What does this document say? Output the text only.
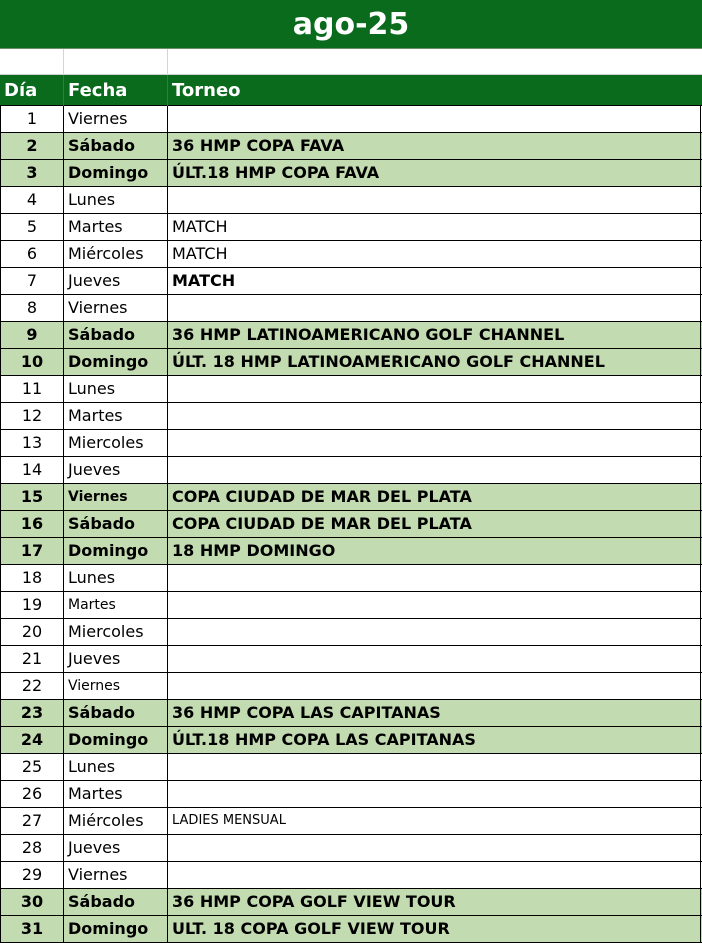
ago-25
Día	Fecha	Torneo
1	Viernes
2	Sábado	36 HMP COPA FAVA
3	Domingo	ÚLT.18 HMP COPA FAVA
4	Lunes
5	Martes	MATCH
6	Miércoles	MATCH
7	Jueves	MATCH
8	Viernes
9	Sábado	36 HMP LATINOAMERICANO GOLF CHANNEL
10	Domingo	ÚLT. 18 HMP LATINOAMERICANO GOLF CHANNEL
11	Lunes
12	Martes
13	Miercoles
14	Jueves
15	Viernes	COPA CIUDAD DE MAR DEL PLATA
16	Sábado	COPA CIUDAD DE MAR DEL PLATA
17	Domingo	18 HMP DOMINGO
18	Lunes
19	Martes
20	Miercoles
21	Jueves
22	Viernes
23	Sábado	36 HMP COPA LAS CAPITANAS
24	Domingo	ÚLT.18 HMP COPA LAS CAPITANAS
25	Lunes
26	Martes
27	Miércoles	LADIES MENSUAL
28	Jueves
29	Viernes
30	Sábado	36 HMP COPA GOLF VIEW TOUR
31	Domingo	ULT. 18 COPA GOLF VIEW TOUR
